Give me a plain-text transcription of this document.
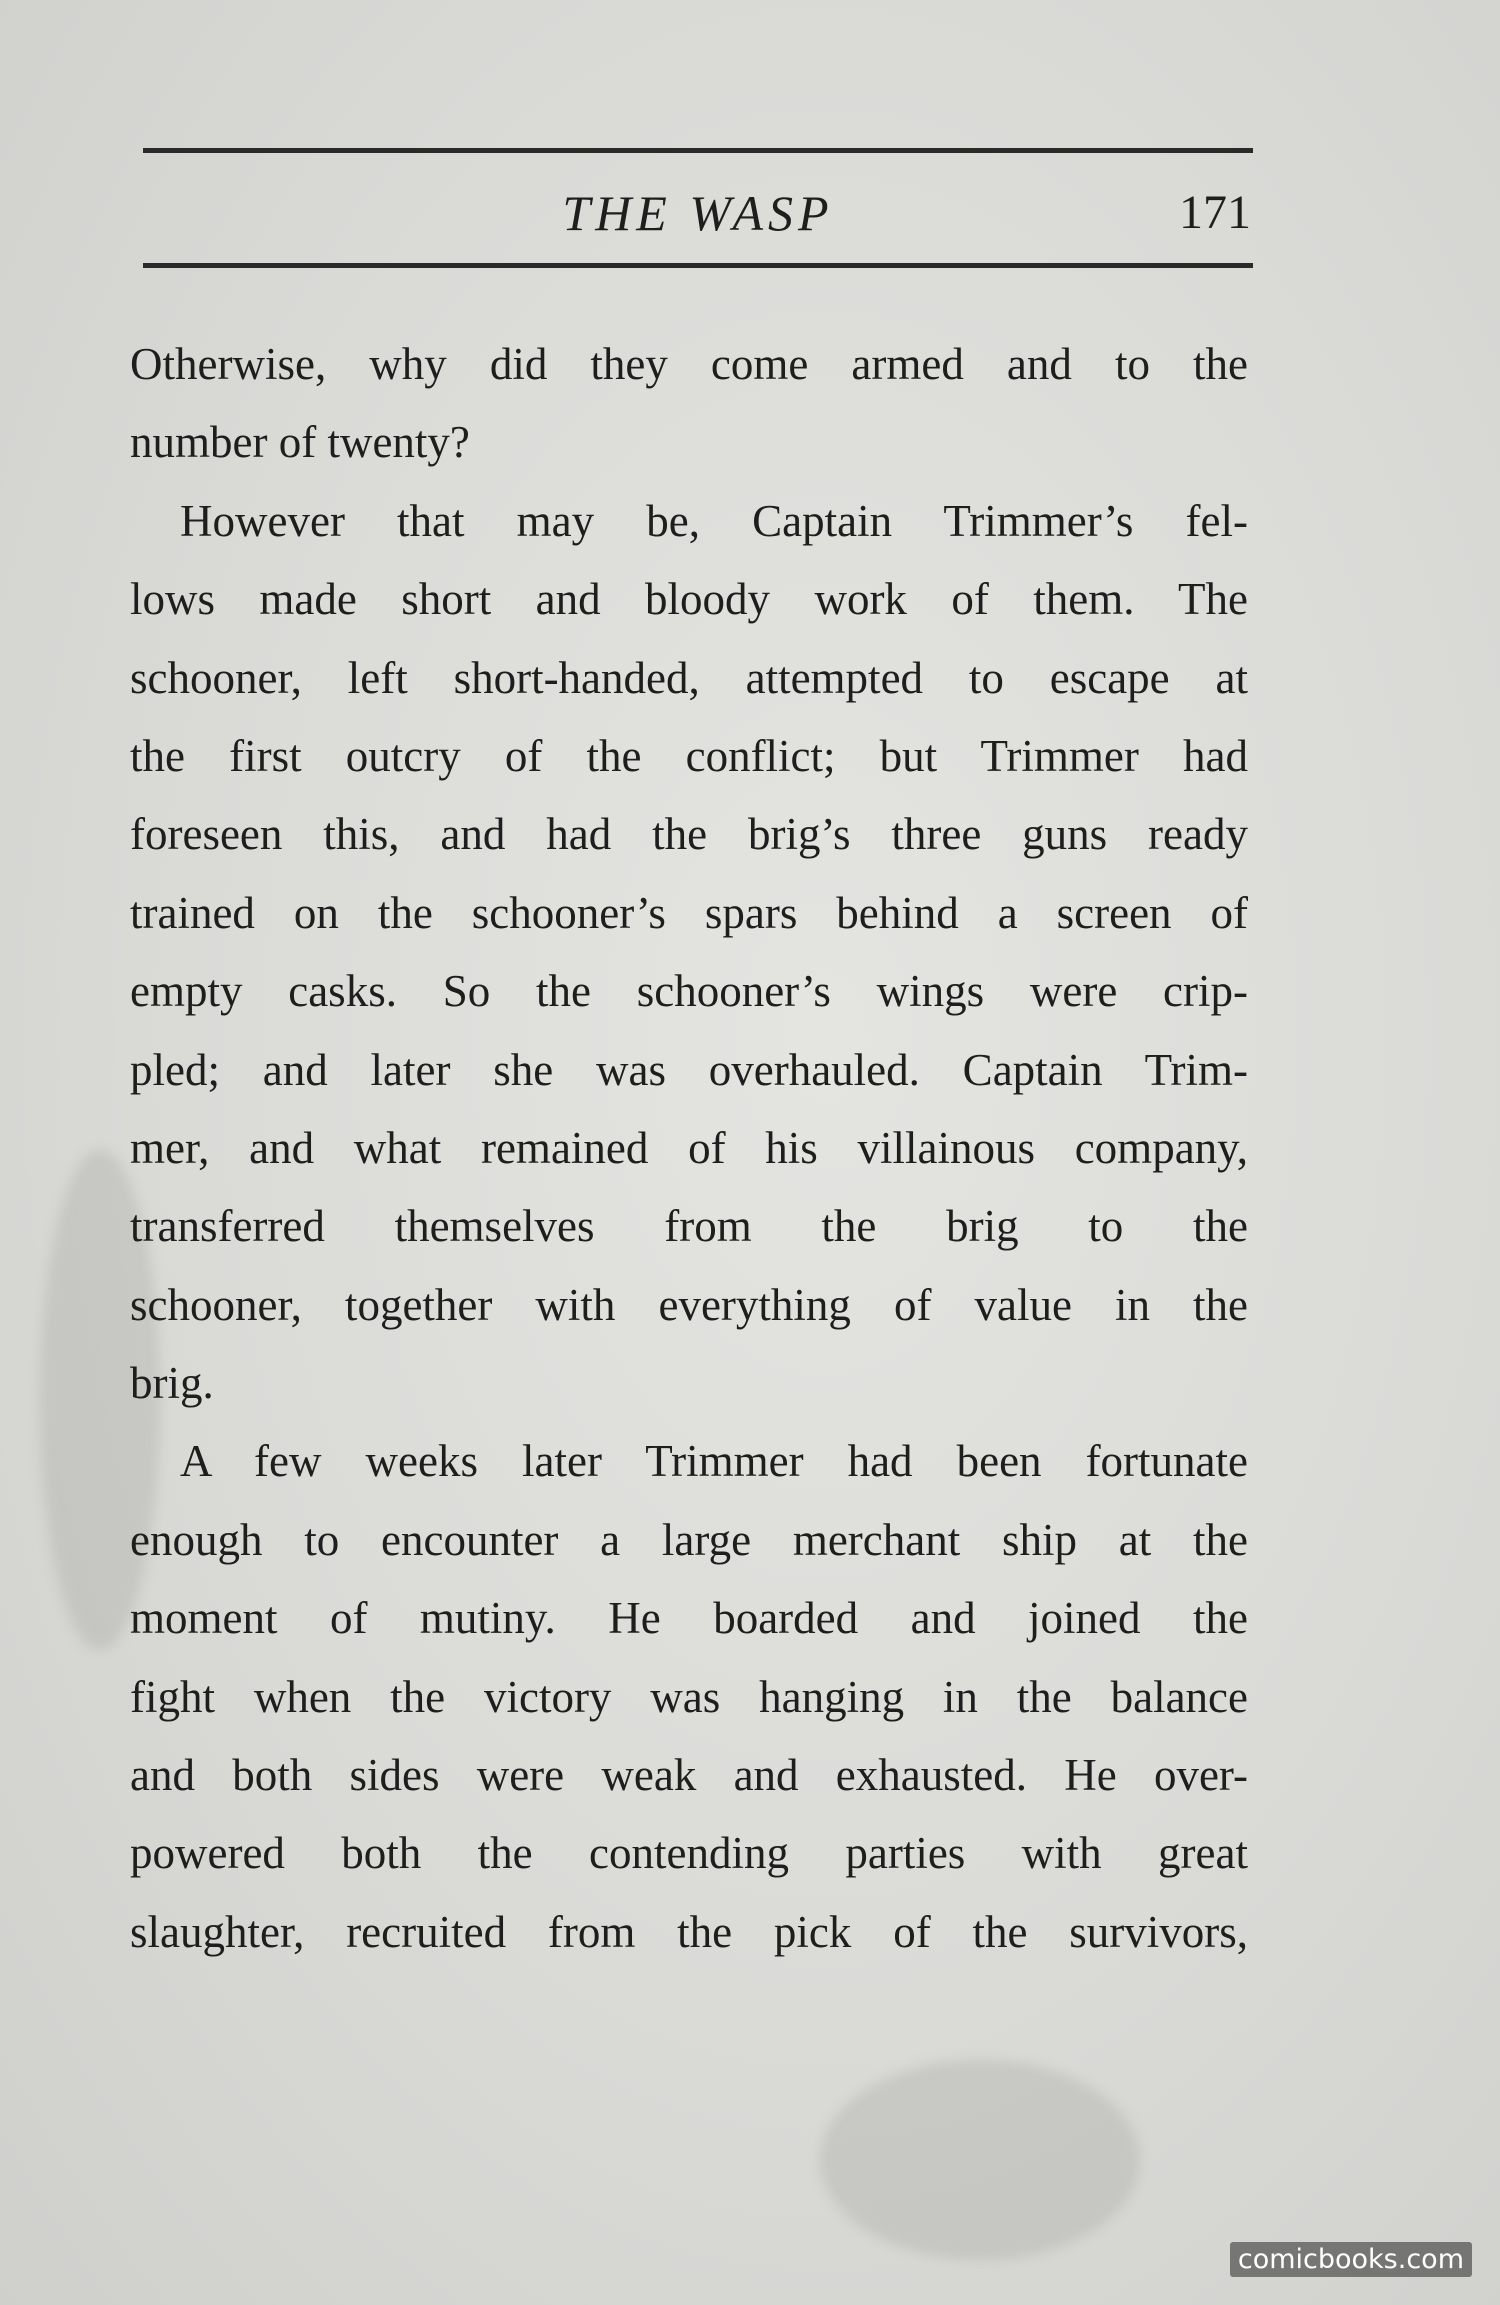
THE WASP	171
Otherwise, why did they come armed and to the
number of twenty?
However that may be, Captain Trimmer’s fel-
lows made short and bloody work of them. The
schooner, left short-handed, attempted to escape at
the first outcry of the conflict; but Trimmer had
foreseen this, and had the brig’s three guns ready
trained on the schooner’s spars behind a screen of
empty casks. So the schooner’s wings were crip-
pled; and later she was overhauled. Captain Trim-
mer, and what remained of his villainous company,
transferred themselves from the brig to the
schooner, together with everything of value in the
brig.
A few weeks later Trimmer had been fortunate
enough to encounter a large merchant ship at the
moment of mutiny. He boarded and joined the
fight when the victory was hanging in the balance
and both sides were weak and exhausted. He over-
powered both the contending parties with great
slaughter, recruited from the pick of the survivors,
comicbooks.com
